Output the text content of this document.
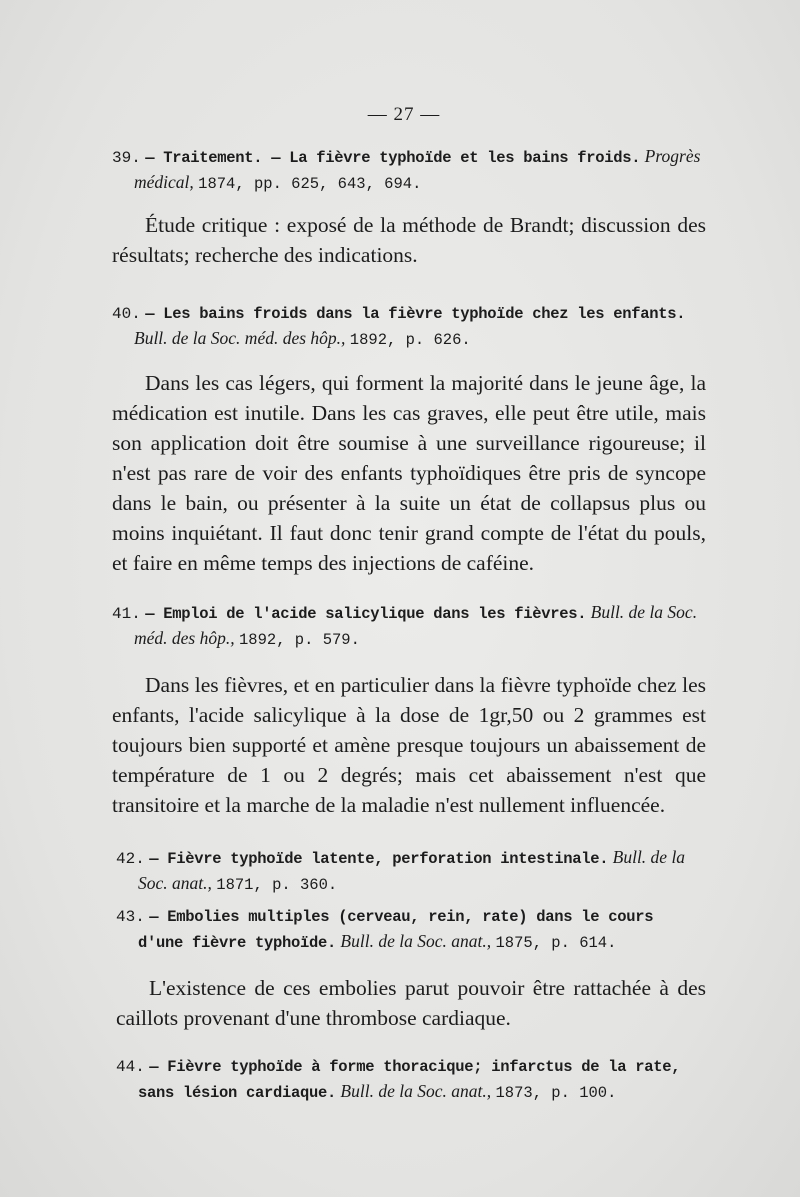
— 27 —
39. — Traitement. — La fièvre typhoïde et les bains froids. Progrès médical, 1874, pp. 625, 643, 694.
Étude critique : exposé de la méthode de Brandt; discussion des résultats; recherche des indications.
40. — Les bains froids dans la fièvre typhoïde chez les enfants. Bull. de la Soc. méd. des hôp., 1892, p. 626.
Dans les cas légers, qui forment la majorité dans le jeune âge, la médication est inutile. Dans les cas graves, elle peut être utile, mais son application doit être soumise à une surveillance rigoureuse; il n'est pas rare de voir des enfants typhoïdiques être pris de syncope dans le bain, ou présenter à la suite un état de collapsus plus ou moins inquiétant. Il faut donc tenir grand compte de l'état du pouls, et faire en même temps des injections de caféine.
41. — Emploi de l'acide salicylique dans les fièvres. Bull. de la Soc. méd. des hôp., 1892, p. 579.
Dans les fièvres, et en particulier dans la fièvre typhoïde chez les enfants, l'acide salicylique à la dose de 1gr,50 ou 2 grammes est toujours bien supporté et amène presque toujours un abaissement de température de 1 ou 2 degrés; mais cet abaissement n'est que transitoire et la marche de la maladie n'est nullement influencée.
42. — Fièvre typhoïde latente, perforation intestinale. Bull. de la Soc. anat., 1871, p. 360.
43. — Embolies multiples (cerveau, rein, rate) dans le cours d'une fièvre typhoïde. Bull. de la Soc. anat., 1875, p. 614.
L'existence de ces embolies parut pouvoir être rattachée à des caillots provenant d'une thrombose cardiaque.
44. — Fièvre typhoïde à forme thoracique; infarctus de la rate, sans lésion cardiaque. Bull. de la Soc. anat., 1873, p. 100.
